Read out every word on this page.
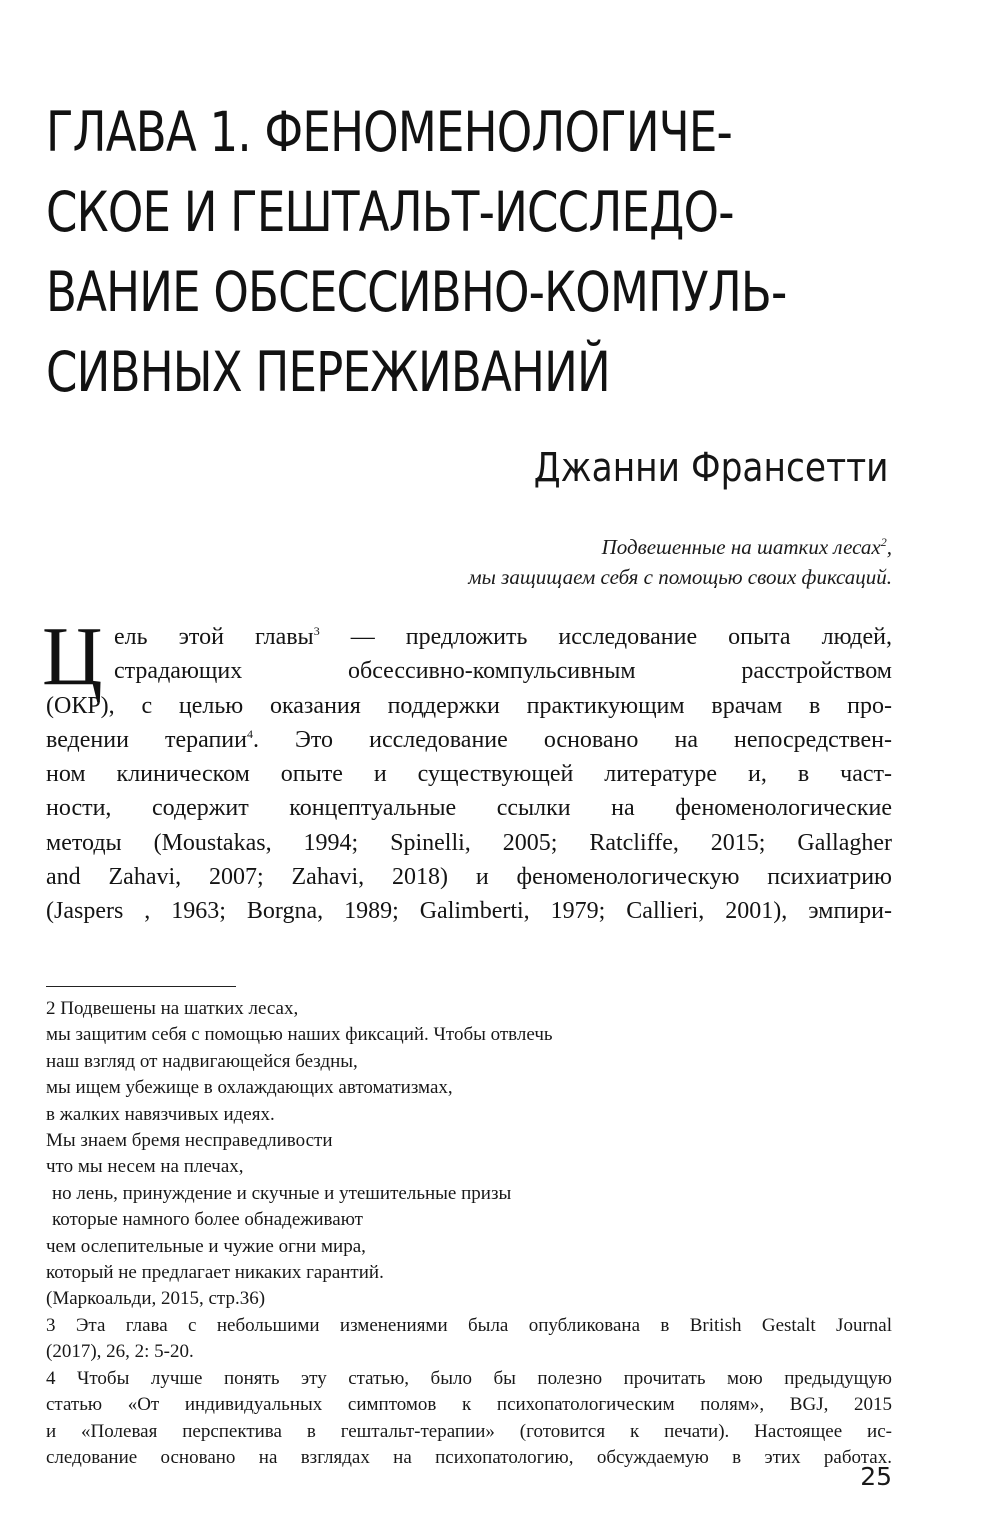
ГЛАВА 1. ФЕНОМЕНОЛОГИЧЕ-
СКОЕ И ГЕШТАЛЬТ-ИССЛЕДО-
ВАНИЕ ОБСЕССИВНО-КОМПУЛЬ-
СИВНЫХ ПЕРЕЖИВАНИЙ
Джанни Франсетти
Подвешенные на шатких лесах$^2$,
мы защищаем себя с помощью своих фиксаций.
Ц ель этой главы$^3$ — предложить исследование опыта людей,
страдающих обсессивно-компульсивным расстройством
(ОКР), с целью оказания поддержки практикующим врачам в про-
ведении терапии$^4$. Это исследование основано на непосредствен-
ном клиническом опыте и существующей литературе и, в част-
ности, содержит концептуальные ссылки на феноменологические
методы (Moustakas, 1994; Spinelli, 2005; Ratcliffe, 2015; Gallagher
and Zahavi, 2007; Zahavi, 2018) и феноменологическую психиатрию
(Jaspers , 1963; Borgna, 1989; Galimberti, 1979; Callieri, 2001), эмпири-
2 Подвешены на шатких лесах,
мы защитим себя с помощью наших фиксаций. Чтобы отвлечь
наш взгляд от надвигающейся бездны,
мы ищем убежище в охлаждающих автоматизмах,
в жалких навязчивых идеях.
Мы знаем бремя несправедливости
что мы несем на плечах,
но лень, принуждение и скучные и утешительные призы
которые намного более обнадеживают
чем ослепительные и чужие огни мира,
который не предлагает никаких гарантий.
(Маркоальди, 2015, стр.36)
3 Эта глава с небольшими изменениями была опубликована в British Gestalt Journal
(2017), 26, 2: 5-20.
4 Чтобы лучше понять эту статью, было бы полезно прочитать мою предыдущую
статью «От индивидуальных симптомов к психопатологическим полям», BGJ, 2015
и «Полевая перспектива в гештальт-терапии» (готовится к печати). Настоящее ис-
следование основано на взглядах на психопатологию, обсуждаемую в этих работах.
25
